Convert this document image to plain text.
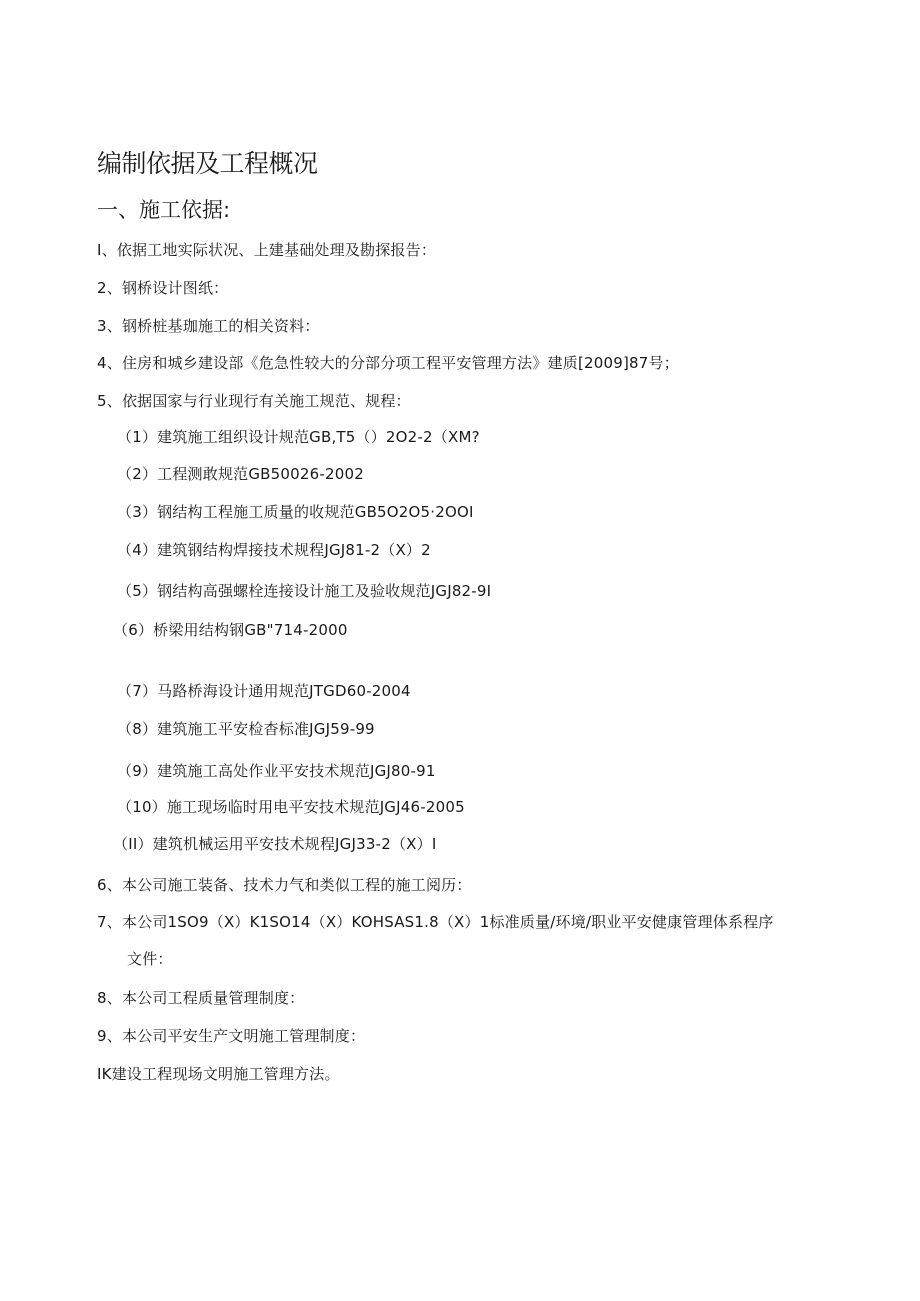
编制依据及工程概况
一、施工依据:
I、依据工地实际状况、上建基础处理及勘探报告：
2、钢桥设计图纸：
3、钢桥桩基珈施工的相关资料：
4、住房和城乡建设部《危急性较大的分部分项工程平安管理方法》建质[2009]87号；
5、依据国家与行业现行有关施工规范、规程：
（1）建筑施工组织设计规范GB,T5（）2O2-2（XM?
（2）工程测敢规范GB50026-2002
（3）钢结构工程施工质量的收规范GB5O2O5·2OOI
（4）建筑钢结构焊接技术规程JGJ81-2（X）2
（5）钢结构高强螺栓连接设计施工及验收规范JGJ82-9I
（6）桥梁用结构钢GB"714-2000
（7）马路桥海设计通用规范JTGD60-2004
（8）建筑施工平安检杳标准JGJ59-99
（9）建筑施工高处作业平安技术规范JGJ80-91
（10）施工现场临时用电平安技术规范JGJ46-2005
（II）建筑机械运用平安技术规程JGJ33-2（X）I
6、本公司施工装备、技术力气和类似工程的施工阅历：
7、本公司1SO9（X）K1SO14（X）KOHSAS1.8（X）1标准质量/环境/职业平安健康管理体系程序
文件：
8、本公司工程质量管理制度：
9、本公司平安生产文明施工管理制度：
IK建设工程现场文明施工管理方法。
